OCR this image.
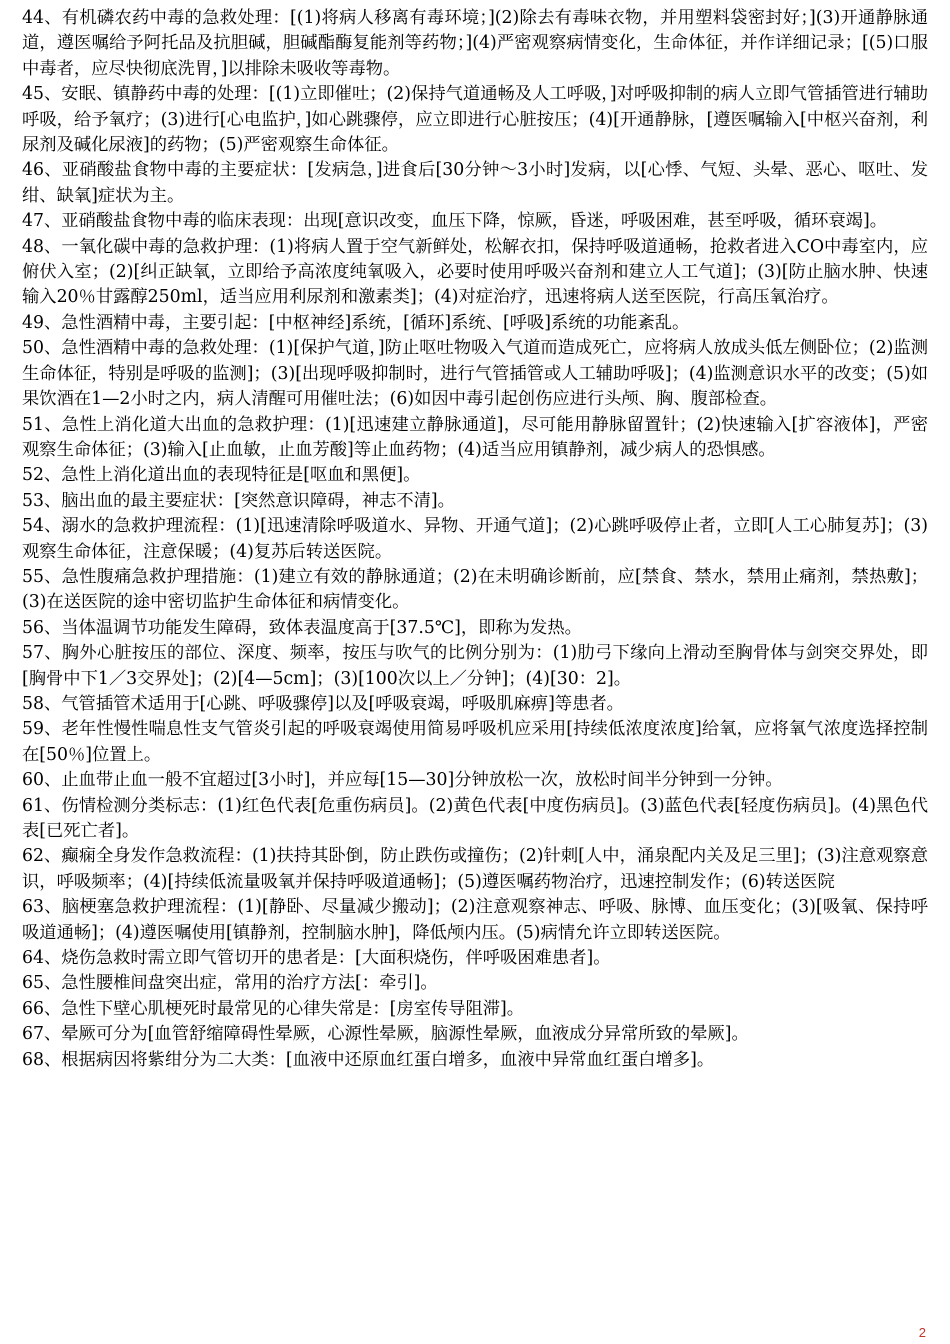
44、有机磷农药中毒的急救处理：[(1)将病人移离有毒环境；](2)除去有毒味衣物，并用塑料袋密封好；](3)开通静脉通道，遵医嘱给予阿托品及抗胆碱，胆碱酯酶复能剂等药物；](4)严密观察病情变化，生命体征，并作详细记录；[(5)口服中毒者，应尽快彻底洗胃，]以排除未吸收等毒物。

45、安眠、镇静药中毒的处理：[(1)立即催吐；(2)保持气道通畅及人工呼吸，]对呼吸抑制的病人立即气管插管进行辅助呼吸，给予氧疗；(3)进行[心电监护，]如心跳骤停，应立即进行心脏按压；(4)[开通静脉，[遵医嘱输入[中枢兴奋剂，利尿剂及碱化尿液]的药物；(5)严密观察生命体征。

46、亚硝酸盐食物中毒的主要症状：[发病急，]进食后[30分钟～3小时]发病，以[心悸、气短、头晕、恶心、呕吐、发绀、缺氧]症状为主。

47、亚硝酸盐食物中毒的临床表现：出现[意识改变，血压下降，惊厥，昏迷，呼吸困难，甚至呼吸，循环衰竭]。

48、一氧化碳中毒的急救护理：(1)将病人置于空气新鲜处，松解衣扣，保持呼吸道通畅，抢救者进入CO中毒室内，应俯伏入室；(2)[纠正缺氧，立即给予高浓度纯氧吸入，必要时使用呼吸兴奋剂和建立人工气道]；(3)[防止脑水肿、快速输入20％甘露醇250ml，适当应用利尿剂和激素类]；(4)对症治疗，迅速将病人送至医院，行高压氧治疗。

49、急性酒精中毒，主要引起：[中枢神经]系统，[循环]系统、[呼吸]系统的功能紊乱。

50、急性酒精中毒的急救处理：(1)[保护气道，]防止呕吐物吸入气道而造成死亡，应将病人放成头低左侧卧位；(2)监测生命体征，特别是呼吸的监测]；(3)[出现呼吸抑制时，进行气管插管或人工辅助呼吸]；(4)监测意识水平的改变；(5)如果饮酒在1—2小时之内，病人清醒可用催吐法；(6)如因中毒引起创伤应进行头颅、胸、腹部检查。

51、急性上消化道大出血的急救护理：(1)[迅速建立静脉通道]，尽可能用静脉留置针；(2)快速输入[扩容液体]，严密观察生命体征；(3)输入[止血敏，止血芳酸]等止血药物；(4)适当应用镇静剂，减少病人的恐惧感。

52、急性上消化道出血的表现特征是[呕血和黑便]。

53、脑出血的最主要症状：[突然意识障碍，神志不清]。

54、溺水的急救护理流程：(1)[迅速清除呼吸道水、异物、开通气道]；(2)心跳呼吸停止者，立即[人工心肺复苏]；(3)观察生命体征，注意保暖；(4)复苏后转送医院。

55、急性腹痛急救护理措施：(1)建立有效的静脉通道；(2)在未明确诊断前，应[禁食、禁水，禁用止痛剂，禁热敷]；(3)在送医院的途中密切监护生命体征和病情变化。

56、当体温调节功能发生障碍，致体表温度高于[37.5℃]，即称为发热。

57、胸外心脏按压的部位、深度、频率，按压与吹气的比例分别为：(1)肋弓下缘向上滑动至胸骨体与剑突交界处，即[胸骨中下1／3交界处]；(2)[4—5cm]；(3)[100次以上／分钟]；(4)[30：2]。

58、气管插管术适用于[心跳、呼吸骤停]以及[呼吸衰竭，呼吸肌麻痹]等患者。

59、老年性慢性喘息性支气管炎引起的呼吸衰竭使用简易呼吸机应采用[持续低浓度浓度]给氧，应将氧气浓度选择控制在[50％]位置上。

60、止血带止血一般不宜超过[3小时]，并应每[15—30]分钟放松一次，放松时间半分钟到一分钟。

61、伤情检测分类标志：(1)红色代表[危重伤病员]。(2)黄色代表[中度伤病员]。(3)蓝色代表[轻度伤病员]。(4)黑色代表[已死亡者]。

62、癫痫全身发作急救流程：(1)扶持其卧倒，防止跌伤或撞伤；(2)针刺[人中，涌泉配内关及足三里]；(3)注意观察意识，呼吸频率；(4)[持续低流量吸氧并保持呼吸道通畅]；(5)遵医嘱药物治疗，迅速控制发作；(6)转送医院

63、脑梗塞急救护理流程：(1)[静卧、尽量减少搬动]；(2)注意观察神志、呼吸、脉博、血压变化；(3)[吸氧、保持呼吸道通畅]；(4)遵医嘱使用[镇静剂，控制脑水肿]，降低颅内压。(5)病情允许立即转送医院。

64、烧伤急救时需立即气管切开的患者是：[大面积烧伤，伴呼吸困难患者]。

65、急性腰椎间盘突出症，常用的治疗方法[：牵引]。

66、急性下壁心肌梗死时最常见的心律失常是：[房室传导阻滞]。

67、晕厥可分为[血管舒缩障碍性晕厥，心源性晕厥，脑源性晕厥，血液成分异常所致的晕厥]。

68、根据病因将紫绀分为二大类：[血液中还原血红蛋白增多，血液中异常血红蛋白增多]。

2
